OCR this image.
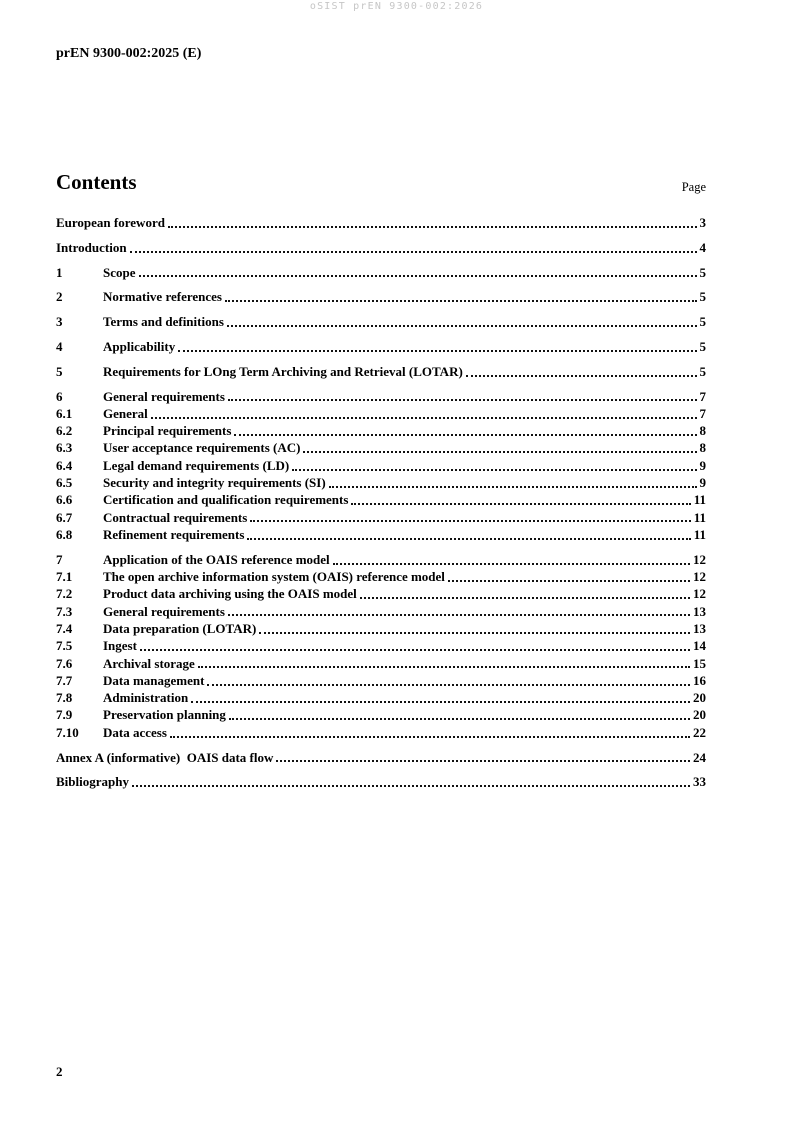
oSIST prEN 9300-002:2026
prEN 9300-002:2025 (E)
Contents	Page
European foreword	3
Introduction	4
1	Scope	5
2	Normative references	5
3	Terms and definitions	5
4	Applicability	5
5	Requirements for LOng Term Archiving and Retrieval (LOTAR)	5
6	General requirements	7
6.1	General	7
6.2	Principal requirements	8
6.3	User acceptance requirements (AC)	8
6.4	Legal demand requirements (LD)	9
6.5	Security and integrity requirements (SI)	9
6.6	Certification and qualification requirements	11
6.7	Contractual requirements	11
6.8	Refinement requirements	11
7	Application of the OAIS reference model	12
7.1	The open archive information system (OAIS) reference model	12
7.2	Product data archiving using the OAIS model	12
7.3	General requirements	13
7.4	Data preparation (LOTAR)	13
7.5	Ingest	14
7.6	Archival storage	15
7.7	Data management	16
7.8	Administration	20
7.9	Preservation planning	20
7.10	Data access	22
Annex A (informative)  OAIS data flow	24
Bibliography	33
2
